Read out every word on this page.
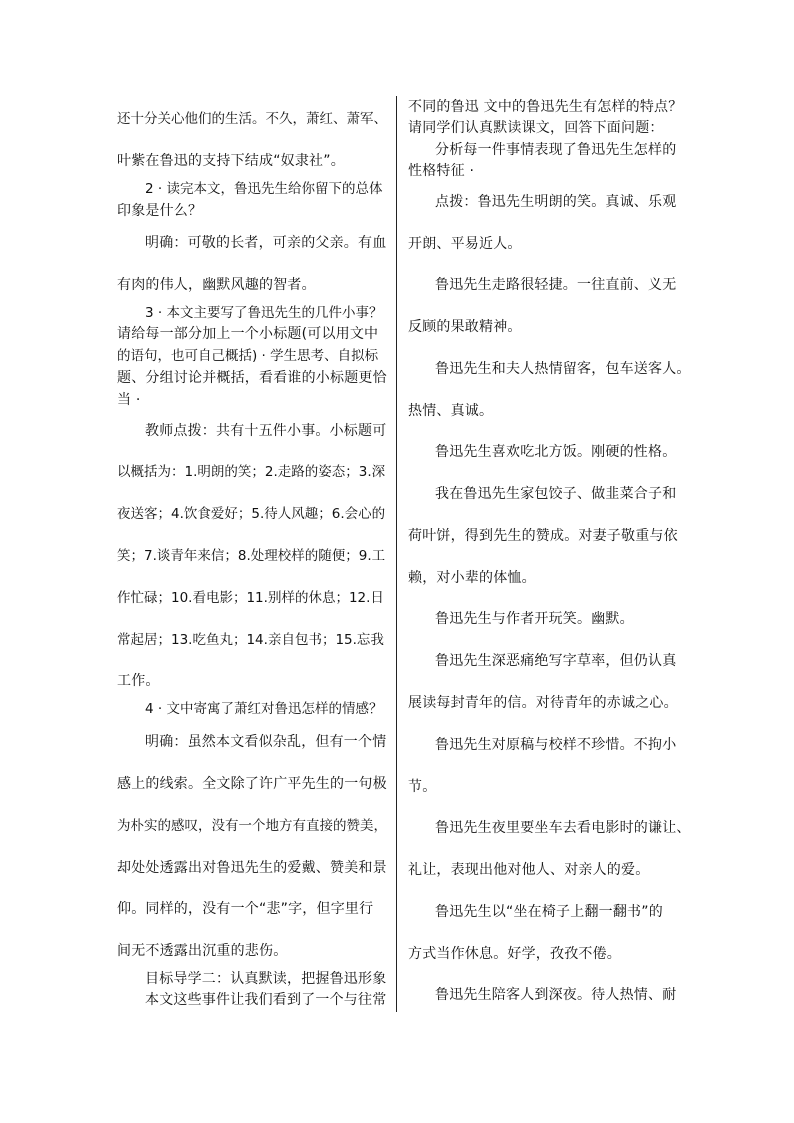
还十分关心他们的生活。不久，萧红、萧军、
叶紫在鲁迅的支持下结成“奴隶社”。
2 · 读完本文，鲁迅先生给你留下的总体
印象是什么？
明确：可敬的长者，可亲的父亲。有血
有肉的伟人，幽默风趣的智者。
3 · 本文主要写了鲁迅先生的几件小事？
请给每一部分加上一个小标题(可以用文中
的语句，也可自己概括) · 学生思考、自拟标
题、分组讨论并概括，看看谁的小标题更恰
当 ·
教师点拨：共有十五件小事。小标题可
以概括为：1.明朗的笑；2.走路的姿态；3.深
夜送客；4.饮食爱好；5.待人风趣；6.会心的
笑；7.谈青年来信；8.处理校样的随便；9.工
作忙碌；10.看电影；11.别样的休息；12.日
常起居；13.吃鱼丸；14.亲自包书；15.忘我
工作。
4 · 文中寄寓了萧红对鲁迅怎样的情感？
明确：虽然本文看似杂乱，但有一个情
感上的线索。全文除了许广平先生的一句极
为朴实的感叹，没有一个地方有直接的赞美，
却处处透露出对鲁迅先生的爱戴、赞美和景
仰。同样的，没有一个“悲”字，但字里行
间无不透露出沉重的悲伤。
目标导学二：认真默读，把握鲁迅形象
本文这些事件让我们看到了一个与往常
不同的鲁迅 文中的鲁迅先生有怎样的特点？
请同学们认真默读课文，回答下面问题：
分析每一件事情表现了鲁迅先生怎样的
性格特征 ·
点拨：鲁迅先生明朗的笑。真诚、乐观
开朗、平易近人。
鲁迅先生走路很轻捷。一往直前、义无
反顾的果敢精神。
鲁迅先生和夫人热情留客，包车送客人。
热情、真诚。
鲁迅先生喜欢吃北方饭。刚硬的性格。
我在鲁迅先生家包饺子、做韭菜合子和
荷叶饼，得到先生的赞成。对妻子敬重与依
赖，对小辈的体恤。
鲁迅先生与作者开玩笑。幽默。
鲁迅先生深恶痛绝写字草率，但仍认真
展读每封青年的信。对待青年的赤诚之心。
鲁迅先生对原稿与校样不珍惜。不拘小
节。
鲁迅先生夜里要坐车去看电影时的谦让、
礼让，表现出他对他人、对亲人的爱。
鲁迅先生以“坐在椅子上翻一翻书”的
方式当作休息。好学，孜孜不倦。
鲁迅先生陪客人到深夜。待人热情、耐
